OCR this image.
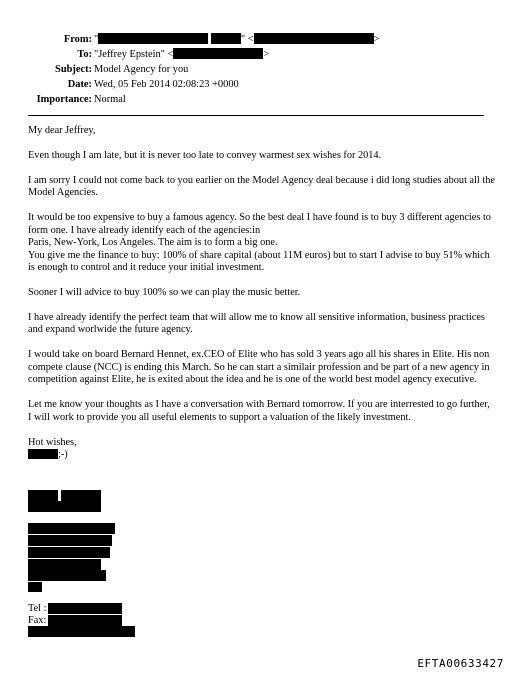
From: "	" <	>
To: "Jeffrey Epstein" <	>
Subject: Model Agency for you
Date: Wed, 05 Feb 2014 02:08:23 +0000
Importance: Normal

My dear Jeffrey,

Even though I am late, but it is never too late to convey warmest sex wishes for 2014.

I am sorry I could not come back to you earlier on the Model Agency deal because i did long studies about all the
Model Agencies.

It would be too expensive to buy a famous agency. So the best deal I have found is to buy 3 different agencies to
form one. I have already identify each of the agencies:in
Paris, New-York, Los Angeles. The aim is to form a big one.
You give me the finance to buy: 100% of share capital (about 11M euros) but to start I advise to buy 51% which
is enough to control and it reduce your initial investment.

Sooner I will advice to buy 100% so we can play the music better.

I have already identify the perfect team that will allow me to know all sensitive information, business practices
and expand worlwide the future agency.

I would take on board Bernard Hennet, ex.CEO of Elite who has sold 3 years ago all his shares in Elite. His non
compete clause (NCC) is ending this March. So he can start a similair profession and be part of a new agency in
competition against Elite, he is exited about the idea and he is one of the world best model agency executive.

Let me know your thoughts as I have a conversation with Bernard tomorrow. If you are interrested to go further,
I will work to provide you all useful elements to support a valuation of the likely investment.

Hot wishes,
;-)

Tel :
Fax:
EFTA00633427
